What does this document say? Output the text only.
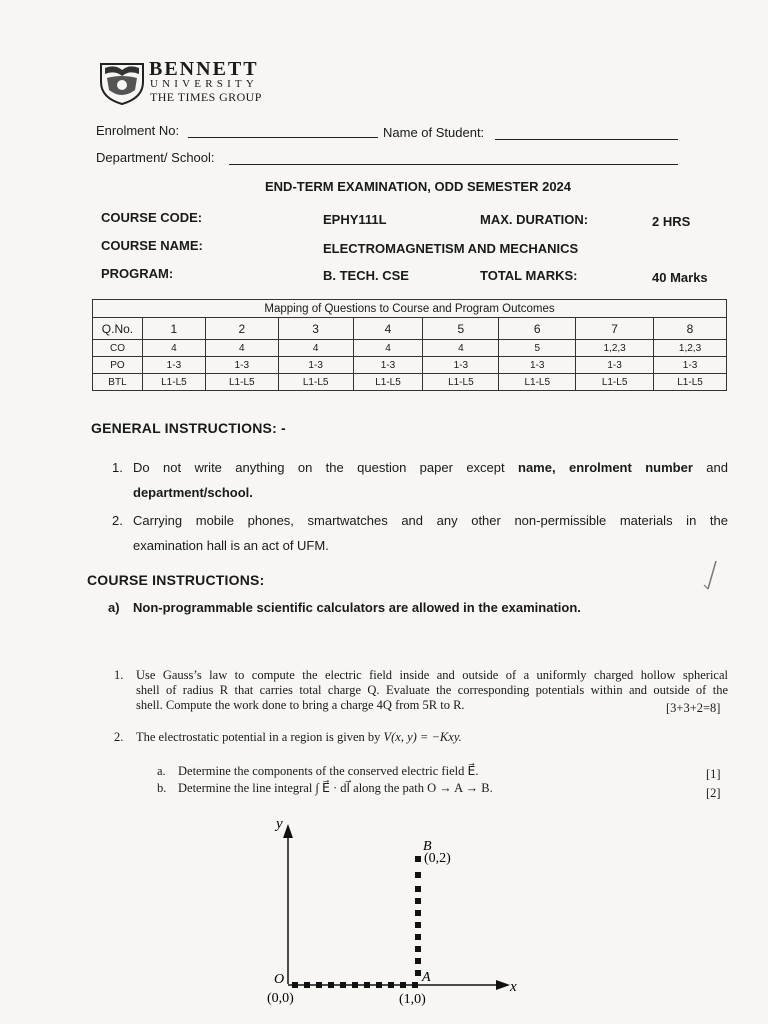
BENNETT
UNIVERSITY
THE TIMES GROUP
Enrolment No:	Name of Student:
Department/ School:
END-TERM EXAMINATION, ODD SEMESTER 2024
COURSE CODE:	EPHY111L	MAX. DURATION:	2 HRS
COURSE NAME:	ELECTROMAGNETISM AND MECHANICS
PROGRAM:	B. TECH. CSE	TOTAL MARKS:	40 Marks
Mapping of Questions to Course and Program Outcomes								
Q.No.	1	2	3	4	5	6	7	8
CO	4	4	4	4	4	5	1,2,3	1,2,3
PO	1-3	1-3	1-3	1-3	1-3	1-3	1-3	1-3
BTL	L1-L5	L1-L5	L1-L5	L1-L5	L1-L5	L1-L5	L1-L5	L1-L5
GENERAL INSTRUCTIONS: -
1. Do not write anything on the question paper except name, enrolment number and
department/school.
2. Carrying mobile phones, smartwatches and any other non-permissible materials in the
examination hall is an act of UFM.
COURSE INSTRUCTIONS:
a) Non-programmable scientific calculators are allowed in the examination.
1. Use Gauss’s law to compute the electric field inside and outside of a uniformly charged hollow spherical
shell of radius R that carries total charge Q. Evaluate the corresponding potentials within and outside of the
shell. Compute the work done to bring a charge 4Q from 5R to R.	[3+3+2=8]
2. The electrostatic potential in a region is given by V(x, y) = −Kxy.
a. Determine the components of the conserved electric field E⃗.	[1]
b. Determine the line integral ∫ E⃗ · dl⃗ along the path O → A → B.	[2]
y
x
O
(0,0)
A
(1,0)
B
(0,2)
